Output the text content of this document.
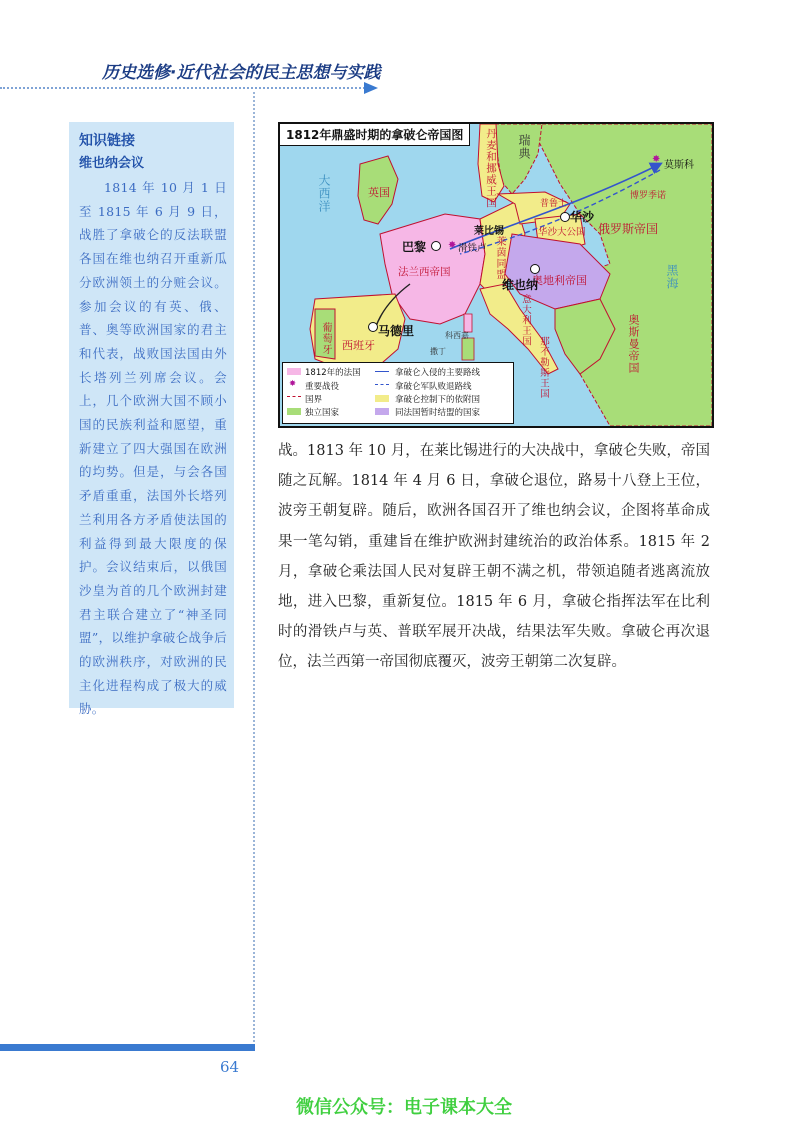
历史选修·近代社会的民主思想与实践
知识链接
维也纳会议
1814 年 10 月 1 日至 1815 年 6 月 9 日，战胜了拿破仑的反法联盟各国在维也纳召开重新瓜分欧洲领土的分赃会议。参加会议的有英、俄、普、奥等欧洲国家的君主和代表，战败国法国由外长塔列兰列席会议。会上，几个欧洲大国不顾小国的民族利益和愿望，重新建立了四大强国在欧洲的均势。但是，与会各国矛盾重重，法国外长塔列兰利用各方矛盾使法国的利益得到最大限度的保护。会议结束后，以俄国沙皇为首的几个欧洲封建君主联合建立了“神圣同盟”，以维护拿破仑战争后的欧洲秩序，对欧洲的民主化进程构成了极大的威胁。
1812年鼎盛时期的拿破仑帝国图	丹麦和挪威王国 瑞典
英国
大西洋
法兰西帝国
普鲁士
华沙大公国 俄罗斯帝国
奥地利帝国
莱茵同盟
意大利王国
那不勒斯王国
西班牙
葡萄牙	奥斯曼帝国
黑海
科西嘉
撒丁
巴黎
华沙
维也纳
马德里
莱比锡
莫斯科
✸ 滑铁卢
✸
博罗季诺
1812年的法国
✸ 重要战役
国界
独立国家
拿破仑入侵的主要路线
拿破仑军队败退路线
拿破仑控制下的依附国
同法国暂时结盟的国家
战。1813 年 10 月，在莱比锡进行的大决战中，拿破仑失败，帝国随之瓦解。1814 年 4 月 6 日，拿破仑退位，路易十八登上王位，波旁王朝复辟。随后，欧洲各国召开了维也纳会议，企图将革命成果一笔勾销，重建旨在维护欧洲封建统治的政治体系。1815 年 2 月，拿破仑乘法国人民对复辟王朝不满之机，带领追随者逃离流放地，进入巴黎，重新复位。1815 年 6 月，拿破仑指挥法军在比利时的滑铁卢与英、普联军展开决战，结果法军失败。拿破仑再次退位，法兰西第一帝国彻底覆灭，波旁王朝第二次复辟。
64
微信公众号：电子课本大全
